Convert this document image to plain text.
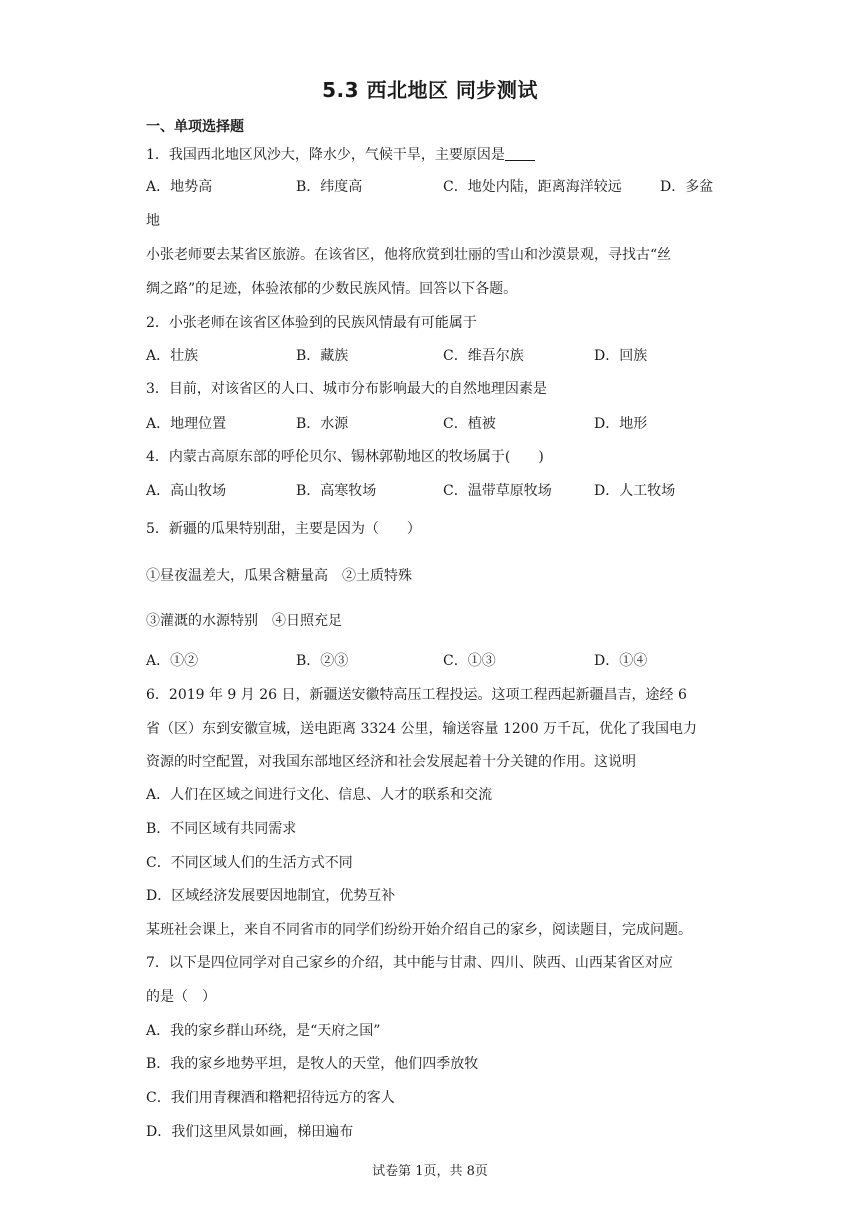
5.3 西北地区 同步测试
一、单项选择题
1．我国西北地区风沙大，降水少，气候干旱，主要原因是
A．地势高	B．纬度高	C．地处内陆，距离海洋较远	D．多盆
地
小张老师要去某省区旅游。在该省区，他将欣赏到壮丽的雪山和沙漠景观，寻找古“丝
绸之路”的足迹，体验浓郁的少数民族风情。回答以下各题。
2．小张老师在该省区体验到的民族风情最有可能属于
A．壮族	B．藏族	C．维吾尔族	D．回族
3．目前，对该省区的人口、城市分布影响最大的自然地理因素是
A．地理位置	B．水源	C．植被	D．地形
4．内蒙古高原东部的呼伦贝尔、锡林郭勒地区的牧场属于(　　)
A．高山牧场	B．高寒牧场	C．温带草原牧场	D．人工牧场
5．新疆的瓜果特别甜，主要是因为（　　）
①昼夜温差大，瓜果含糖量高　②土质特殊
③灌溉的水源特别　④日照充足
A．①②	B．②③	C．①③	D．①④
6．2019 年 9 月 26 日，新疆送安徽特高压工程投运。这项工程西起新疆昌吉，途经 6
省（区）东到安徽宣城，送电距离 3324 公里，输送容量 1200 万千瓦，优化了我国电力
资源的时空配置，对我国东部地区经济和社会发展起着十分关键的作用。这说明
A．人们在区域之间进行文化、信息、人才的联系和交流
B．不同区域有共同需求
C．不同区域人们的生活方式不同
D．区域经济发展要因地制宜，优势互补
某班社会课上，来自不同省市的同学们纷纷开始介绍自己的家乡，阅读题目，完成问题。
7．以下是四位同学对自己家乡的介绍，其中能与甘肃、四川、陕西、山西某省区对应
的是（　）
A．我的家乡群山环绕，是“天府之国”
B．我的家乡地势平坦，是牧人的天堂，他们四季放牧
C．我们用青稞酒和糌粑招待远方的客人
D．我们这里风景如画，梯田遍布
试卷第 1页，共 8页
